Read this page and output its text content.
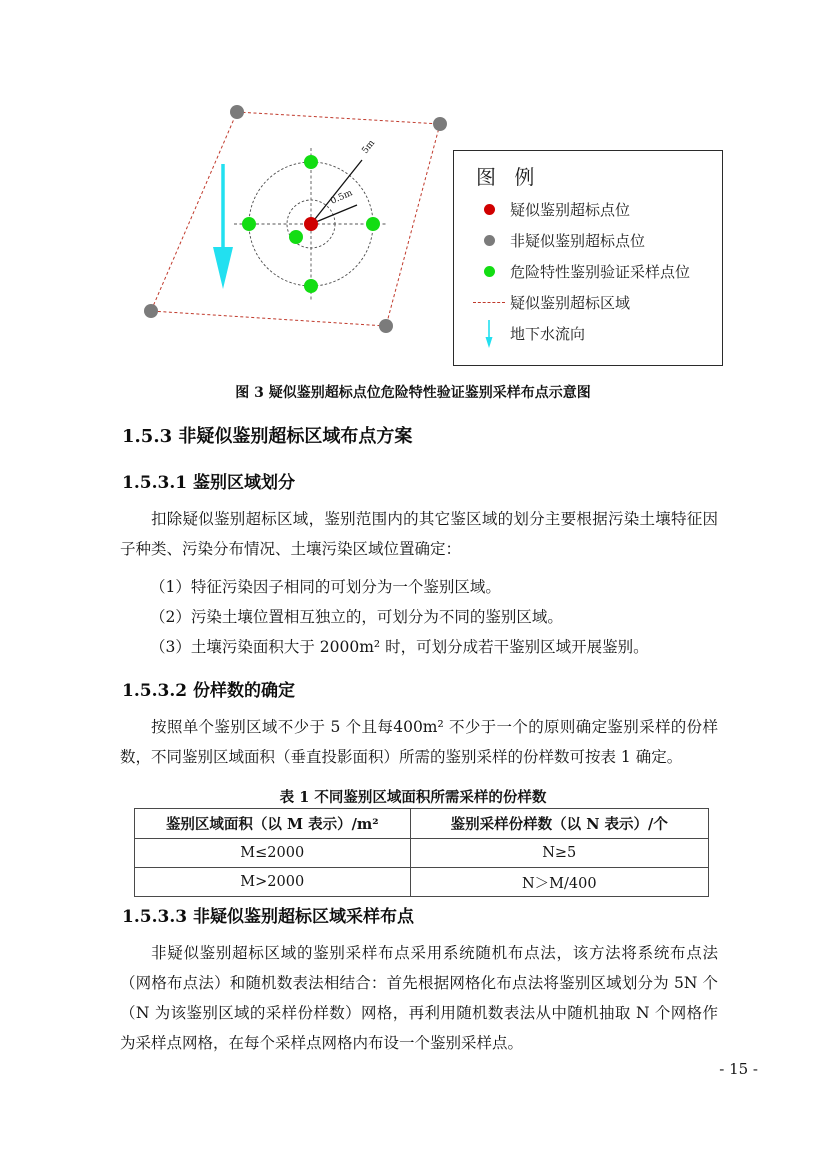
5m
0.5m
图 例
疑似鉴别超标点位
非疑似鉴别超标点位
危险特性鉴别验证采样点位
疑似鉴别超标区域
地下水流向
图 3 疑似鉴别超标点位危险特性验证鉴别采样布点示意图
1.5.3 非疑似鉴别超标区域布点方案
1.5.3.1 鉴别区域划分
扣除疑似鉴别超标区域，鉴别范围内的其它鉴区域的划分主要根据污染土壤特征因子种类、污染分布情况、土壤污染区域位置确定：
（1）特征污染因子相同的可划分为一个鉴别区域。
（2）污染土壤位置相互独立的，可划分为不同的鉴别区域。
（3）土壤污染面积大于 2000m² 时，可划分成若干鉴别区域开展鉴别。
1.5.3.2 份样数的确定
按照单个鉴别区域不少于 5 个且每400m² 不少于一个的原则确定鉴别采样的份样数，不同鉴别区域面积（垂直投影面积）所需的鉴别采样的份样数可按表 1 确定。
表 1 不同鉴别区域面积所需采样的份样数
鉴别区域面积（以 M 表示）/m²	鉴别采样份样数（以 N 表示）/个
M≤2000	N≥5
M>2000	N＞M/400
1.5.3.3 非疑似鉴别超标区域采样布点
非疑似鉴别超标区域的鉴别采样布点采用系统随机布点法，该方法将系统布点法（网格布点法）和随机数表法相结合：首先根据网格化布点法将鉴别区域划分为 5N 个（N 为该鉴别区域的采样份样数）网格，再利用随机数表法从中随机抽取 N 个网格作为采样点网格，在每个采样点网格内布设一个鉴别采样点。
- 15 -
